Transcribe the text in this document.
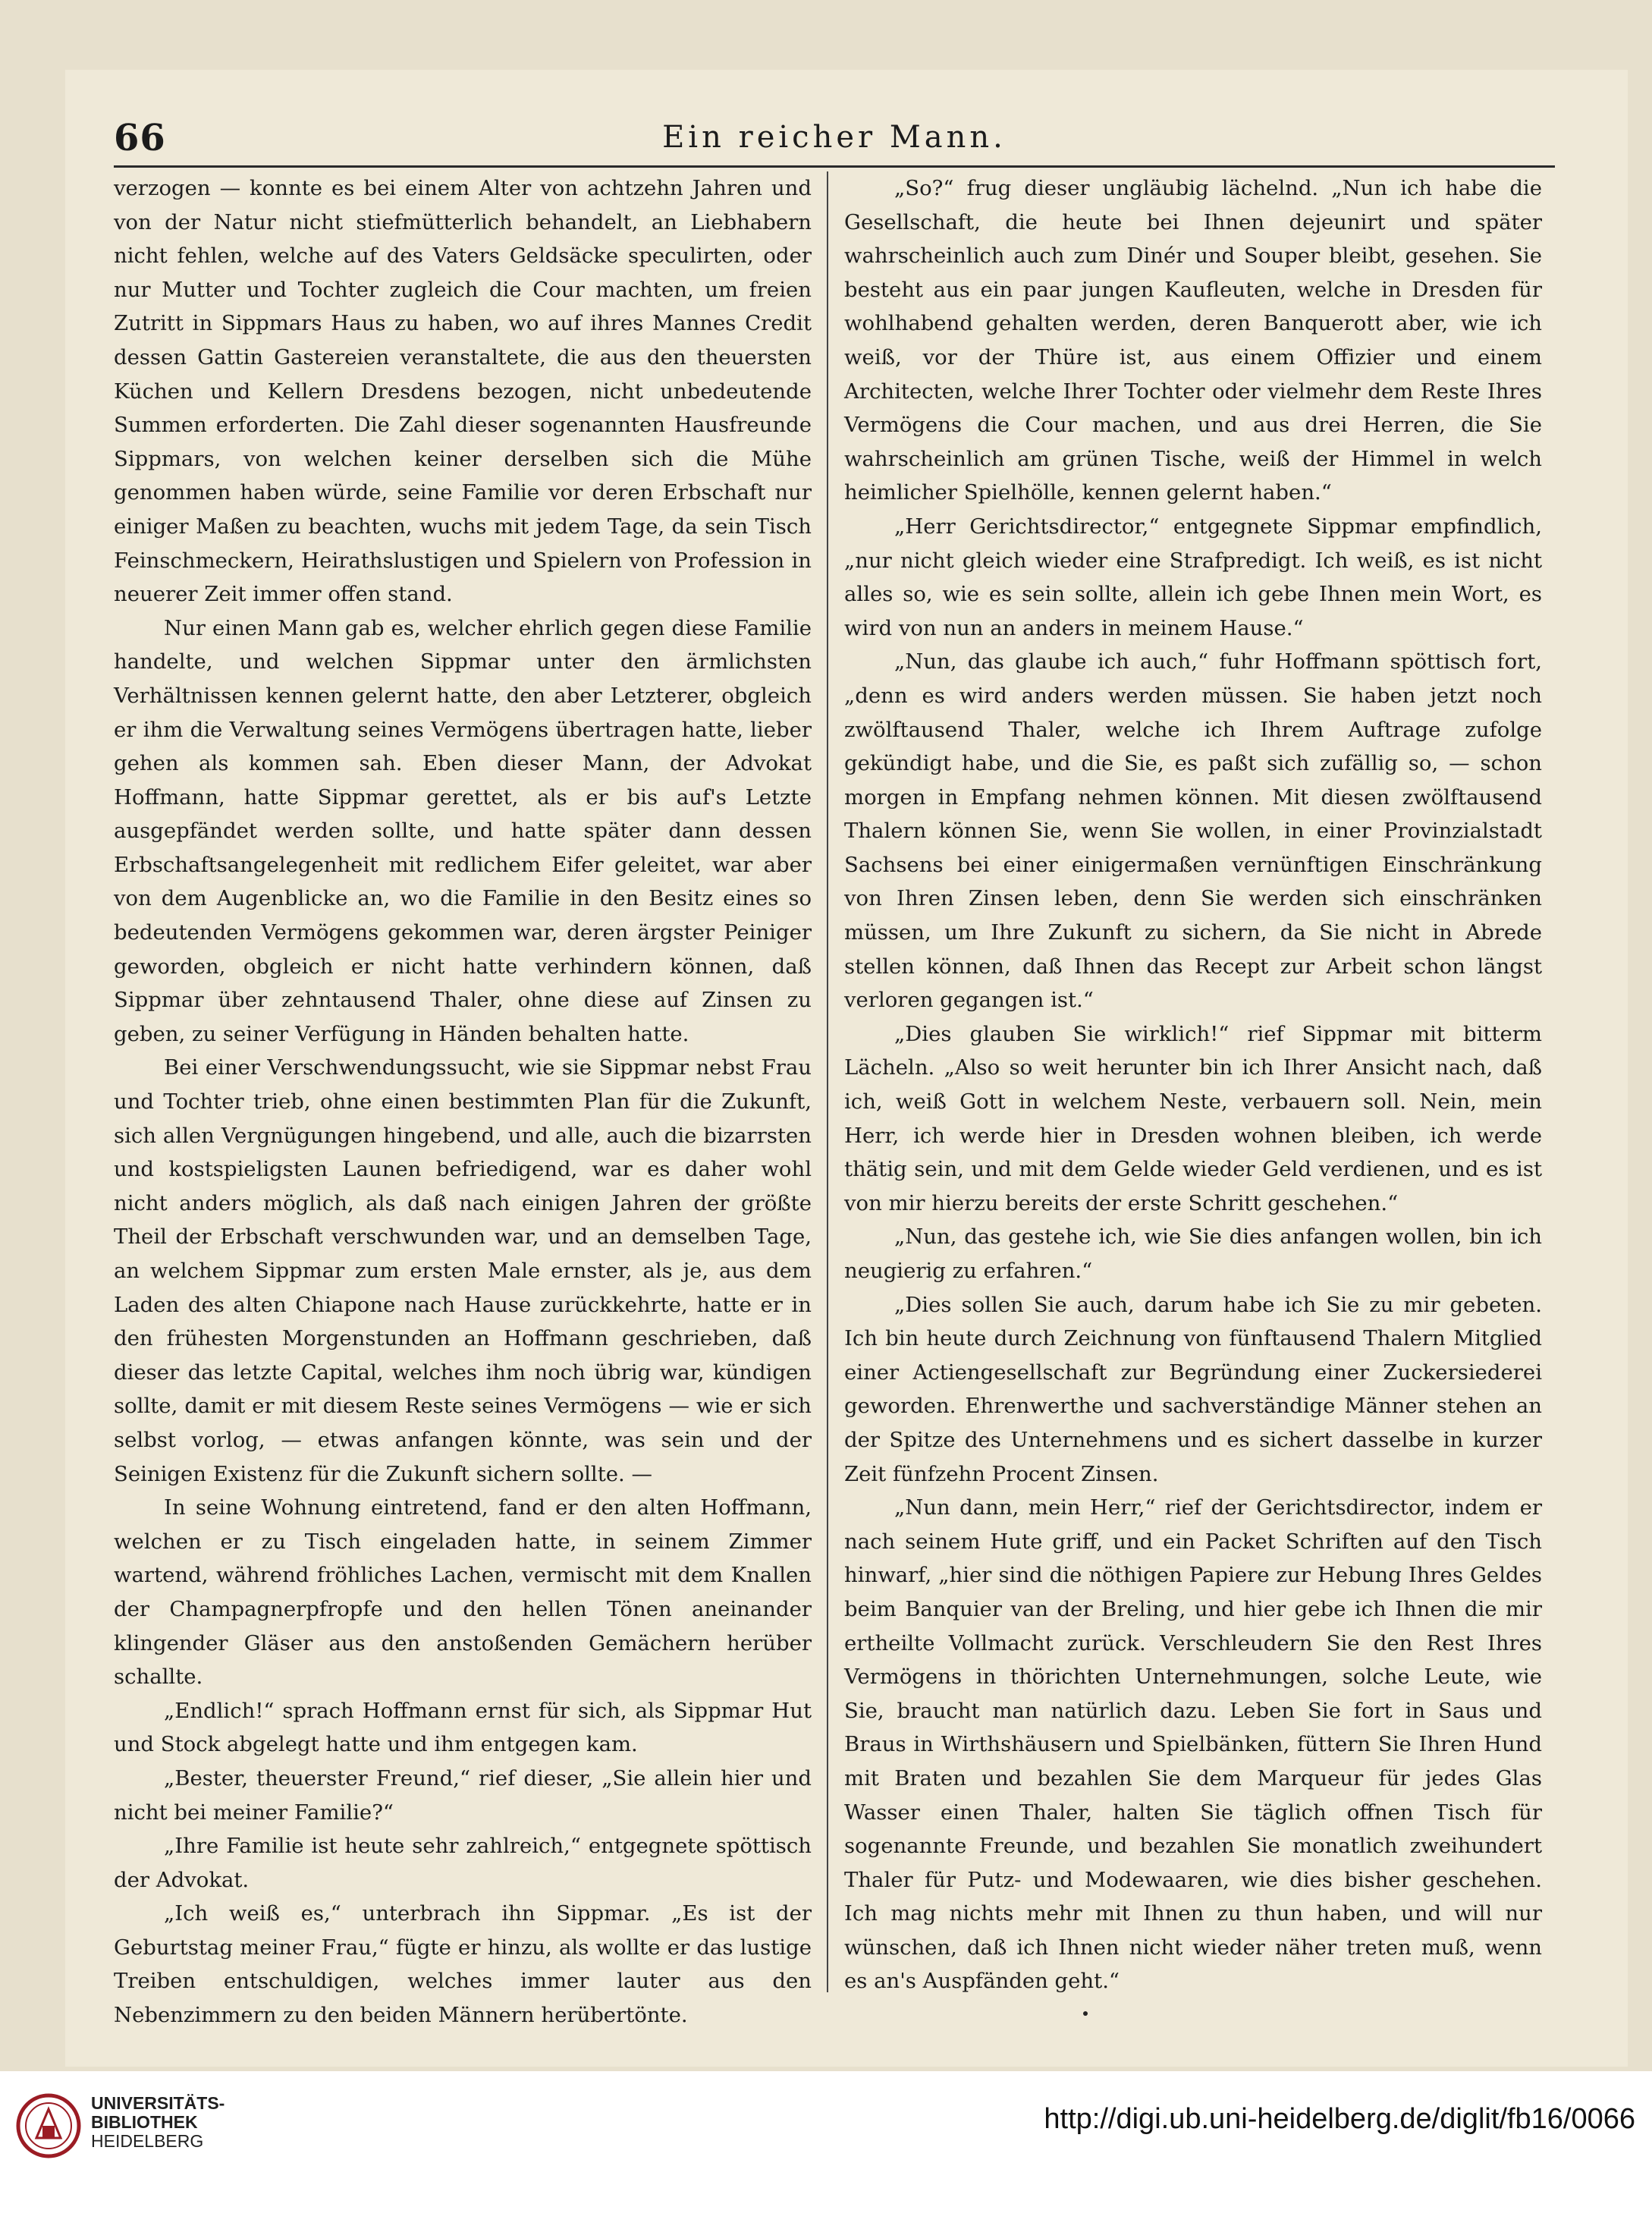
66	Ein reicher Mann.

verzogen — konnte es bei einem Alter von achtzehn Jahren und von der Natur nicht stiefmütterlich behandelt, an Liebhabern nicht fehlen, welche auf des Vaters Geldsäcke speculirten, oder nur Mutter und Tochter zugleich die Cour machten, um freien Zutritt in Sippmars Haus zu haben, wo auf ihres Mannes Credit dessen Gattin Gastereien veranstaltete, die aus den theuersten Küchen und Kellern Dresdens bezogen, nicht unbedeutende Summen erforderten. Die Zahl dieser sogenannten Hausfreunde Sippmars, von welchen keiner derselben sich die Mühe genommen haben würde, seine Familie vor deren Erbschaft nur einiger Maßen zu beachten, wuchs mit jedem Tage, da sein Tisch Feinschmeckern, Heirathslustigen und Spielern von Profession in neuerer Zeit immer offen stand.

Nur einen Mann gab es, welcher ehrlich gegen diese Familie handelte, und welchen Sippmar unter den ärmlichsten Verhältnissen kennen gelernt hatte, den aber Letzterer, obgleich er ihm die Verwaltung seines Vermögens übertragen hatte, lieber gehen als kommen sah. Eben dieser Mann, der Advokat Hoffmann, hatte Sippmar gerettet, als er bis auf's Letzte ausgepfändet werden sollte, und hatte später dann dessen Erbschaftsangelegenheit mit redlichem Eifer geleitet, war aber von dem Augenblicke an, wo die Familie in den Besitz eines so bedeutenden Vermögens gekommen war, deren ärgster Peiniger geworden, obgleich er nicht hatte verhindern können, daß Sippmar über zehntausend Thaler, ohne diese auf Zinsen zu geben, zu seiner Verfügung in Händen behalten hatte.

Bei einer Verschwendungssucht, wie sie Sippmar nebst Frau und Tochter trieb, ohne einen bestimmten Plan für die Zukunft, sich allen Vergnügungen hingebend, und alle, auch die bizarrsten und kostspieligsten Launen befriedigend, war es daher wohl nicht anders möglich, als daß nach einigen Jahren der größte Theil der Erbschaft verschwunden war, und an demselben Tage, an welchem Sippmar zum ersten Male ernster, als je, aus dem Laden des alten Chiapone nach Hause zurückkehrte, hatte er in den frühesten Morgenstunden an Hoffmann geschrieben, daß dieser das letzte Capital, welches ihm noch übrig war, kündigen sollte, damit er mit diesem Reste seines Vermögens — wie er sich selbst vorlog, — etwas anfangen könnte, was sein und der Seinigen Existenz für die Zukunft sichern sollte. —

In seine Wohnung eintretend, fand er den alten Hoffmann, welchen er zu Tisch eingeladen hatte, in seinem Zimmer wartend, während fröhliches Lachen, vermischt mit dem Knallen der Champagnerpfropfe und den hellen Tönen aneinander klingender Gläser aus den anstoßenden Gemächern herüber schallte.

„Endlich!“ sprach Hoffmann ernst für sich, als Sippmar Hut und Stock abgelegt hatte und ihm entgegen kam.

„Bester, theuerster Freund,“ rief dieser, „Sie allein hier und nicht bei meiner Familie?“

„Ihre Familie ist heute sehr zahlreich,“ entgegnete spöttisch der Advokat.

„Ich weiß es,“ unterbrach ihn Sippmar. „Es ist der Geburtstag meiner Frau,“ fügte er hinzu, als wollte er das lustige Treiben entschuldigen, welches immer lauter aus den Nebenzimmern zu den beiden Männern herübertönte.

„So?“ frug dieser ungläubig lächelnd. „Nun ich habe die Gesellschaft, die heute bei Ihnen dejeunirt und später wahrscheinlich auch zum Dinér und Souper bleibt, gesehen. Sie besteht aus ein paar jungen Kaufleuten, welche in Dresden für wohlhabend gehalten werden, deren Banquerott aber, wie ich weiß, vor der Thüre ist, aus einem Offizier und einem Architecten, welche Ihrer Tochter oder vielmehr dem Reste Ihres Vermögens die Cour machen, und aus drei Herren, die Sie wahrscheinlich am grünen Tische, weiß der Himmel in welch heimlicher Spielhölle, kennen gelernt haben.“

„Herr Gerichtsdirector,“ entgegnete Sippmar empfindlich, „nur nicht gleich wieder eine Strafpredigt. Ich weiß, es ist nicht alles so, wie es sein sollte, allein ich gebe Ihnen mein Wort, es wird von nun an anders in meinem Hause.“

„Nun, das glaube ich auch,“ fuhr Hoffmann spöttisch fort, „denn es wird anders werden müssen. Sie haben jetzt noch zwölftausend Thaler, welche ich Ihrem Auftrage zufolge gekündigt habe, und die Sie, es paßt sich zufällig so, — schon morgen in Empfang nehmen können. Mit diesen zwölftausend Thalern können Sie, wenn Sie wollen, in einer Provinzialstadt Sachsens bei einer einigermaßen vernünftigen Einschränkung von Ihren Zinsen leben, denn Sie werden sich einschränken müssen, um Ihre Zukunft zu sichern, da Sie nicht in Abrede stellen können, daß Ihnen das Recept zur Arbeit schon längst verloren gegangen ist.“

„Dies glauben Sie wirklich!“ rief Sippmar mit bitterm Lächeln. „Also so weit herunter bin ich Ihrer Ansicht nach, daß ich, weiß Gott in welchem Neste, verbauern soll. Nein, mein Herr, ich werde hier in Dresden wohnen bleiben, ich werde thätig sein, und mit dem Gelde wieder Geld verdienen, und es ist von mir hierzu bereits der erste Schritt geschehen.“

„Nun, das gestehe ich, wie Sie dies anfangen wollen, bin ich neugierig zu erfahren.“

„Dies sollen Sie auch, darum habe ich Sie zu mir gebeten. Ich bin heute durch Zeichnung von fünftausend Thalern Mitglied einer Actiengesellschaft zur Begründung einer Zuckersiederei geworden. Ehrenwerthe und sachverständige Männer stehen an der Spitze des Unternehmens und es sichert dasselbe in kurzer Zeit fünfzehn Procent Zinsen.

„Nun dann, mein Herr,“ rief der Gerichtsdirector, indem er nach seinem Hute griff, und ein Packet Schriften auf den Tisch hinwarf, „hier sind die nöthigen Papiere zur Hebung Ihres Geldes beim Banquier van der Breling, und hier gebe ich Ihnen die mir ertheilte Vollmacht zurück. Verschleudern Sie den Rest Ihres Vermögens in thörichten Unternehmungen, solche Leute, wie Sie, braucht man natürlich dazu. Leben Sie fort in Saus und Braus in Wirthshäusern und Spielbänken, füttern Sie Ihren Hund mit Braten und bezahlen Sie dem Marqueur für jedes Glas Wasser einen Thaler, halten Sie täglich offnen Tisch für sogenannte Freunde, und bezahlen Sie monatlich zweihundert Thaler für Putz- und Modewaaren, wie dies bisher geschehen. Ich mag nichts mehr mit Ihnen zu thun haben, und will nur wünschen, daß ich Ihnen nicht wieder näher treten muß, wenn es an's Auspfänden geht.“

UNIVERSITÄTS-
BIBLIOTHEK
HEIDELBERG
http://digi.ub.uni-heidelberg.de/diglit/fb16/0066
